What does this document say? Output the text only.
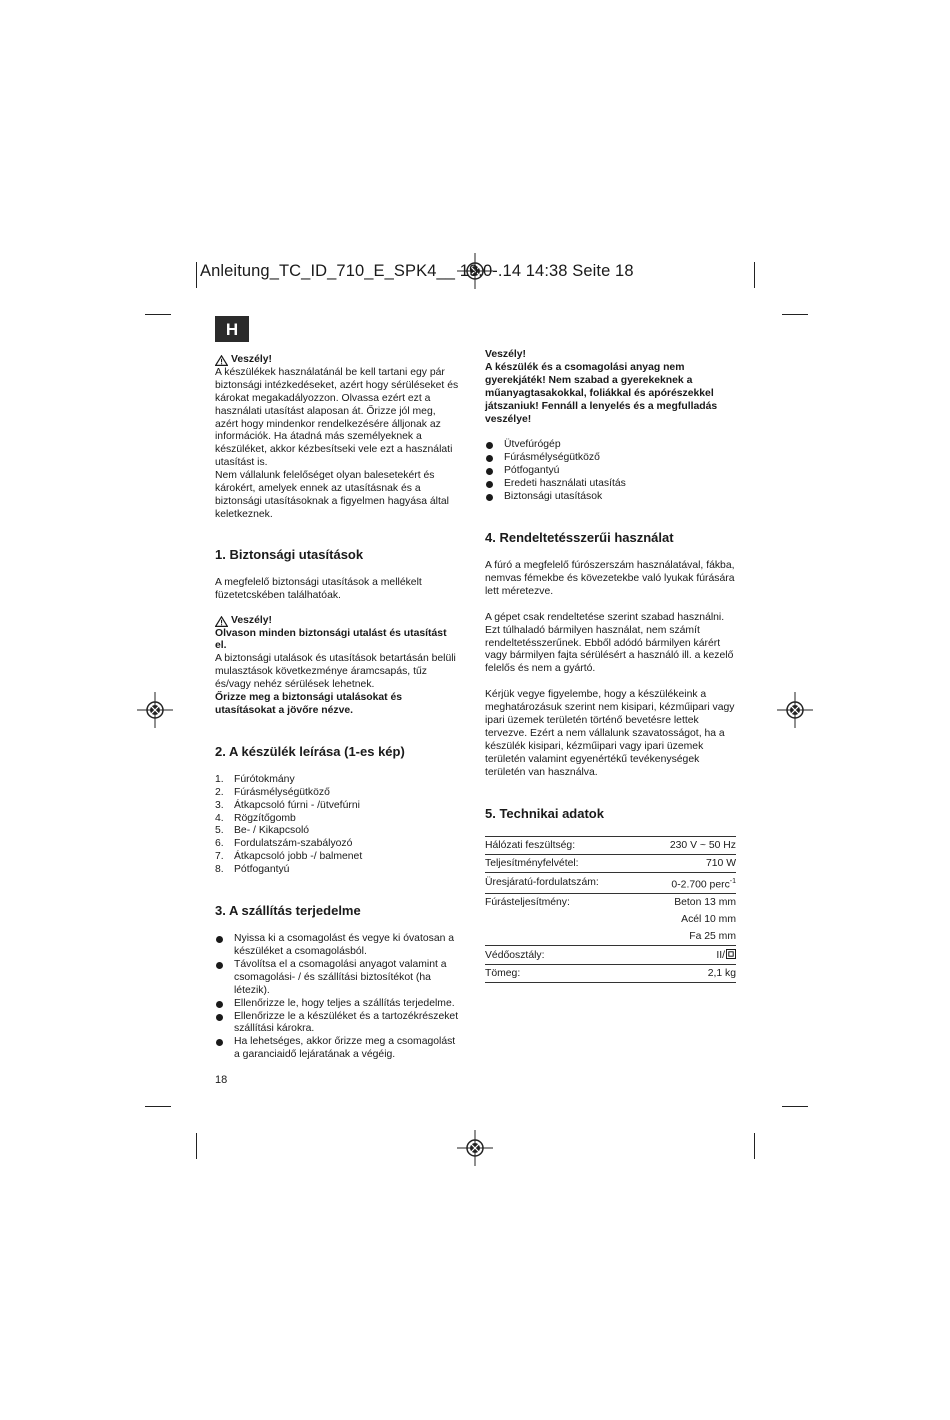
Anleitung_TC_ID_710_E_SPK4__ 19.0‑.14 14:38 Seite 18
H
Veszély!

A készülékek használatánál be kell tartani egy pár biztonsági intézkedéseket, azért hogy sérüléseket és károkat megakadályozzon. Olvassa ezért ezt a használati utasítást alaposan át. Őrizze jól meg, azért hogy mindenkor rendelkezésére álljonak az információk. Ha átadná más személyeknek a készüléket, akkor kézbesítseki vele ezt a használati utasítást is.

Nem vállalunk felelőséget olyan balesetekért és károkért, amelyek ennek az utasításnak és a biztonsági utasításoknak a figyelmen hagyása által keletkeznek.

1. Biztonsági utasítások

A megfelelő biztonsági utasítások a mellékelt füzetetcskében találhatóak.

Veszély!

Olvason minden biztonsági utalást és utasítást el.

A biztonsági utalások és utasítások betartásán belüli mulasztások következménye áramcsapás, tűz és/vagy nehéz sérülések lehetnek.

Őrizze meg a biztonsági utalásokat és utasításokat a jövőre nézve.

2. A készülék leírása (1-es kép)
1. Fúrótokmány
2. Fúrásmélységütköző
3. Átkapcsoló fúrni - /ütvefúrni
4. Rögzítőgomb
5. Be- / Kikapcsoló
6. Fordulatszám-szabályozó
7. Átkapcsoló jobb -/ balmenet
8. Pótfogantyú
3. A szállítás terjedelme
Nyissa ki a csomagolást és vegye ki óvatosan a készüléket a csomagolásból.
Távolítsa el a csomagolási anyagot valamint a csomagolási- / és szállítási biztosítékot (ha létezik).
Ellenőrizze le, hogy teljes a szállítás terjedelme.
Ellenőrizze le a készüléket és a tartozékrészeket szállítási károkra.
Ha lehetséges, akkor őrizze meg a csomagolást a garanciaidő lejáratának a végéig.

Veszély!

A készülék és a csomagolási anyag nem gyerekjáték! Nem szabad a gyerekeknek a műanyagtasakokkal, foliákkal és apórészekkel játszaniuk! Fennáll a lenyelés és a megfulladás veszélye!

Ütvefúrógép
Fúrásmélységütköző
Pótfogantyú
Eredeti használati utasítás
Biztonsági utasítások
4. Rendeltetésszerűi használat

A fúró a megfelelő fúrószerszám használatával, fákba, nemvas fémekbe és kövezetekbe való lyukak fúrására lett méretezve.

A gépet csak rendeltetése szerint szabad használni. Ezt túlhaladó bármilyen használat, nem számít rendeltetésszerűnek. Ebből adódó bármilyen kárért vagy bármilyen fajta sérülésért a használó ill. a kezelő felelős és nem a gyártó.

Kérjük vegye figyelembe, hogy a készülékeink a meghatározásuk szerint nem kisipari, kézműipari vagy ipari üzemek területén történő bevetésre lettek tervezve. Ezért a nem vállalunk szavatosságot, ha a készülék kisipari, kézműipari vagy ipari üzemek területén valamint egyenértékű tevékenységek területén van használva.

5. Technikai adatok
Hálózati feszültség:	230 V ~ 50 Hz
Teljesítményfelvétel:	710 W
Üresjáratú-fordulatszám:	0-2.700 perc$^{-1}$
Fúrásteljesítmény:	Beton 13 mm
	Acél 10 mm
	Fa 25 mm
Védőosztály:	II/
Tömeg:	2,1 kg
18
